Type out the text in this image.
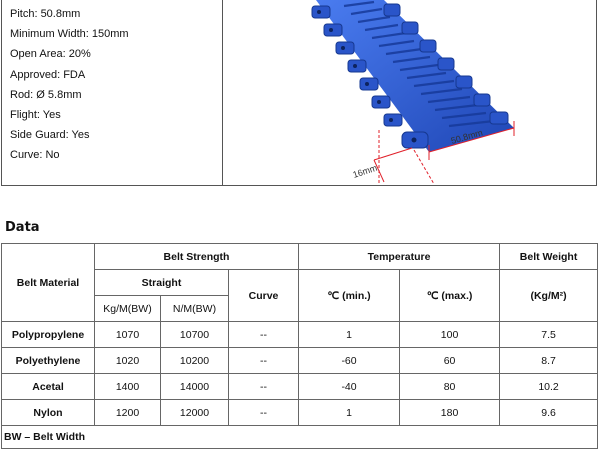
Pitch: 50.8mm
Minimum Width: 150mm
Open Area: 20%
Approved: FDA
Rod: Ø 5.8mm
Flight: Yes
Side Guard: Yes
Curve: No
50.8mm
16mm
Data
Belt Material	Belt Strength			Temperature		Belt Weight
	Straight		Curve	℃ (min.)	℃ (max.)	(Kg/M²)
	Kg/M(BW)	N/M(BW)				
Polypropylene	1070	10700	--	1	100	7.5
Polyethylene	1020	10200	--	-60	60	8.7
Acetal	1400	14000	--	-40	80	10.2
Nylon	1200	12000	--	1	180	9.6
BW – Belt Width						
